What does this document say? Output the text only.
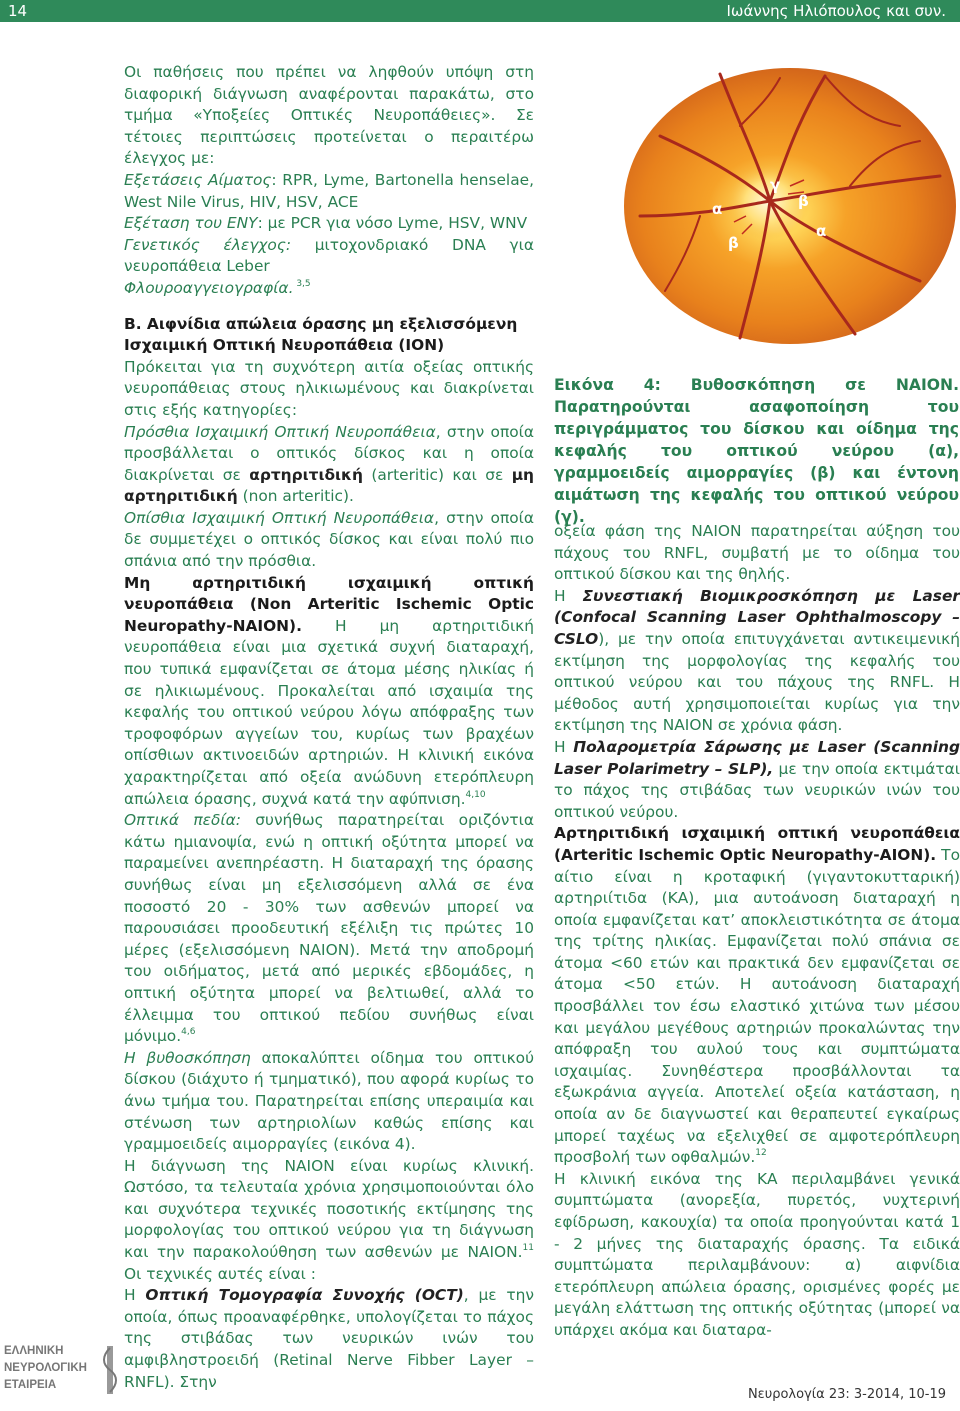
14	Ιωάννης Ηλιόπουλος και συν.

Οι παθήσεις που πρέπει να ληφθούν υπόψη στη διαφορική διάγνωση αναφέρονται παρακάτω, στο τμήμα «Υποξείες Οπτικές Νευροπάθειες». Σε τέτοιες περιπτώσεις προτείνεται ο περαιτέρω έλεγχος με:

Εξετάσεις Αίματος: RPR, Lyme, Bartonella henselae, West Nile Virus, HIV, HSV, ACE

Εξέταση του ΕΝΥ: με PCR για νόσο Lyme, HSV, WNV

Γενετικός έλεγχος: μιτοχονδριακό DNA για νευροπάθεια Leber

Φλουροαγγειογραφία. $^{3,5}$

Β. Αιφνίδια απώλεια όρασης μη εξελισσόμενη Ισχαιμική Οπτική Νευροπάθεια (ΙΟΝ)

Πρόκειται για τη συχνότερη αιτία οξείας οπτικής νευροπάθειας στους ηλικιωμένους και διακρίνεται στις εξής κατηγορίες:

Πρόσθια Ισχαιμική Οπτική Νευροπάθεια, στην οποία προσβάλλεται ο οπτικός δίσκος και η οποία διακρίνεται σε αρτηριτιδική (arteritic) και σε μη αρτηριτιδική (non arteritic).

Οπίσθια Ισχαιμική Οπτική Νευροπάθεια, στην οποία δε συμμετέχει ο οπτικός δίσκος και είναι πολύ πιο σπάνια από την πρόσθια.

Μη αρτηριτιδική ισχαιμική οπτική νευροπάθεια (Non Arteritic Ischemic Optic Neuropathy-NAION). Η μη αρτηριτιδική νευροπάθεια είναι μια σχετικά συχνή διαταραχή, που τυπικά εμφανίζεται σε άτομα μέσης ηλικίας ή σε ηλικιωμένους. Προκαλείται από ισχαιμία της κεφαλής του οπτικού νεύρου λόγω απόφραξης των τροφοφόρων αγγείων του, κυρίως των βραχέων οπίσθιων ακτινοειδών αρτηριών. Η κλινική εικόνα χαρακτηρίζεται από οξεία ανώδυνη ετερόπλευρη απώλεια όρασης, συχνά κατά την αφύπνιση.$^{4,10}$

Οπτικά πεδία: συνήθως παρατηρείται οριζόντια κάτω ημιανοψία, ενώ η οπτική οξύτητα μπορεί να παραμείνει ανεπηρέαστη. Η διαταραχή της όρασης συνήθως είναι μη εξελισσόμενη αλλά σε ένα ποσοστό 20 - 30% των ασθενών μπορεί να παρουσιάσει προοδευτική εξέλιξη τις πρώτες 10 μέρες (εξελισσόμενη NAION). Μετά την αποδρομή του οιδήματος, μετά από μερικές εβδομάδες, η οπτική οξύτητα μπορεί να βελτιωθεί, αλλά το έλλειμμα του οπτικού πεδίου συνήθως είναι μόνιμο.$^{4,6}$

Η βυθοσκόπηση αποκαλύπτει οίδημα του οπτικού δίσκου (διάχυτο ή τμηματικό), που αφορά κυρίως το άνω τμήμα του. Παρατηρείται επίσης υπεραιμία και στένωση των αρτηριολίων καθώς επίσης και γραμμοειδείς αιμορραγίες (εικόνα 4).

Η διάγνωση της NAION είναι κυρίως κλινική. Ωστόσο, τα τελευταία χρόνια χρησιμοποιούνται όλο και συχνότερα τεχνικές ποσοτικής εκτίμησης της μορφολογίας του οπτικού νεύρου για τη διάγνωση και την παρακολούθηση των ασθενών με NAION.$^{11}$ Οι τεχνικές αυτές είναι :

Η Οπτική Τομογραφία Συνοχής (OCT), με την οποία, όπως προαναφέρθηκε, υπολογίζεται το πάχος της στιβάδας των νευρικών ινών του αμφιβληστροειδή (Retinal Nerve Fibber Layer – RNFL). Στην

α
γ
β
α
β

Εικόνα 4: Βυθοσκόπηση σε NAION. Παρατηρούνται ασαφοποίηση του περιγράμματος του δίσκου και οίδημα της κεφαλής του οπτικού νεύρου (α), γραμμοειδείς αιμορραγίες (β) και έντονη αιμάτωση της κεφαλής του οπτικού νεύρου (γ).

οξεία φάση της NAION παρατηρείται αύξηση του πάχους του RNFL, συμβατή με το οίδημα του οπτικού δίσκου και της θηλής.

Η Συνεστιακή Βιομικροσκόπηση με Laser (Confocal Scanning Laser Ophthalmoscopy – CSLO), με την οποία επιτυγχάνεται αντικειμενική εκτίμηση της μορφολογίας της κεφαλής του οπτικού νεύρου και του πάχους της RNFL. Η μέθοδος αυτή χρησιμοποιείται κυρίως για την εκτίμηση της NAION σε χρόνια φάση.

Η Πολαρομετρία Σάρωσης με Laser (Scanning Laser Polarimetry – SLP), με την οποία εκτιμάται το πάχος της στιβάδας των νευρικών ινών του οπτικού νεύρου.

Αρτηριτιδική ισχαιμική οπτική νευροπάθεια (Arteritic Ischemic Optic Neuropathy-AION). Το αίτιο είναι η κροταφική (γιγαντοκυτταρική) αρτηριίτιδα (ΚΑ), μια αυτοάνοση διαταραχή η οποία εμφανίζεται κατ’ αποκλειστικότητα σε άτομα της τρίτης ηλικίας. Εμφανίζεται πολύ σπάνια σε άτομα <60 ετών και πρακτικά δεν εμφανίζεται σε άτομα <50 ετών. Η αυτοάνοση διαταραχή προσβάλλει τον έσω ελαστικό χιτώνα των μέσου και μεγάλου μεγέθους αρτηριών προκαλώντας την απόφραξη του αυλού τους και συμπτώματα ισχαιμίας. Συνηθέστερα προσβάλλονται τα εξωκράνια αγγεία. Αποτελεί οξεία κατάσταση, η οποία αν δε διαγνωστεί και θεραπευτεί εγκαίρως μπορεί ταχέως να εξελιχθεί σε αμφοτερόπλευρη προσβολή των οφθαλμών.$^{12}$

Η κλινική εικόνα της ΚΑ περιλαμβάνει γενικά συμπτώματα (ανορεξία, πυρετός, νυχτερινή εφίδρωση, κακουχία) τα οποία προηγούνται κατά 1 - 2 μήνες της διαταραχής όρασης. Τα ειδικά συμπτώματα περιλαμβάνουν: α) αιφνίδια ετερόπλευρη απώλεια όρασης, ορισμένες φορές με μεγάλη ελάττωση της οπτικής οξύτητας (μπορεί να υπάρχει ακόμα και διαταρα-

ΕΛΛΗΝΙΚΗ
ΝΕΥΡΟΛΟΓΙΚΗ
ΕΤΑΙΡΕΙΑ
Νευρολογία 23: 3-2014, 10-19
